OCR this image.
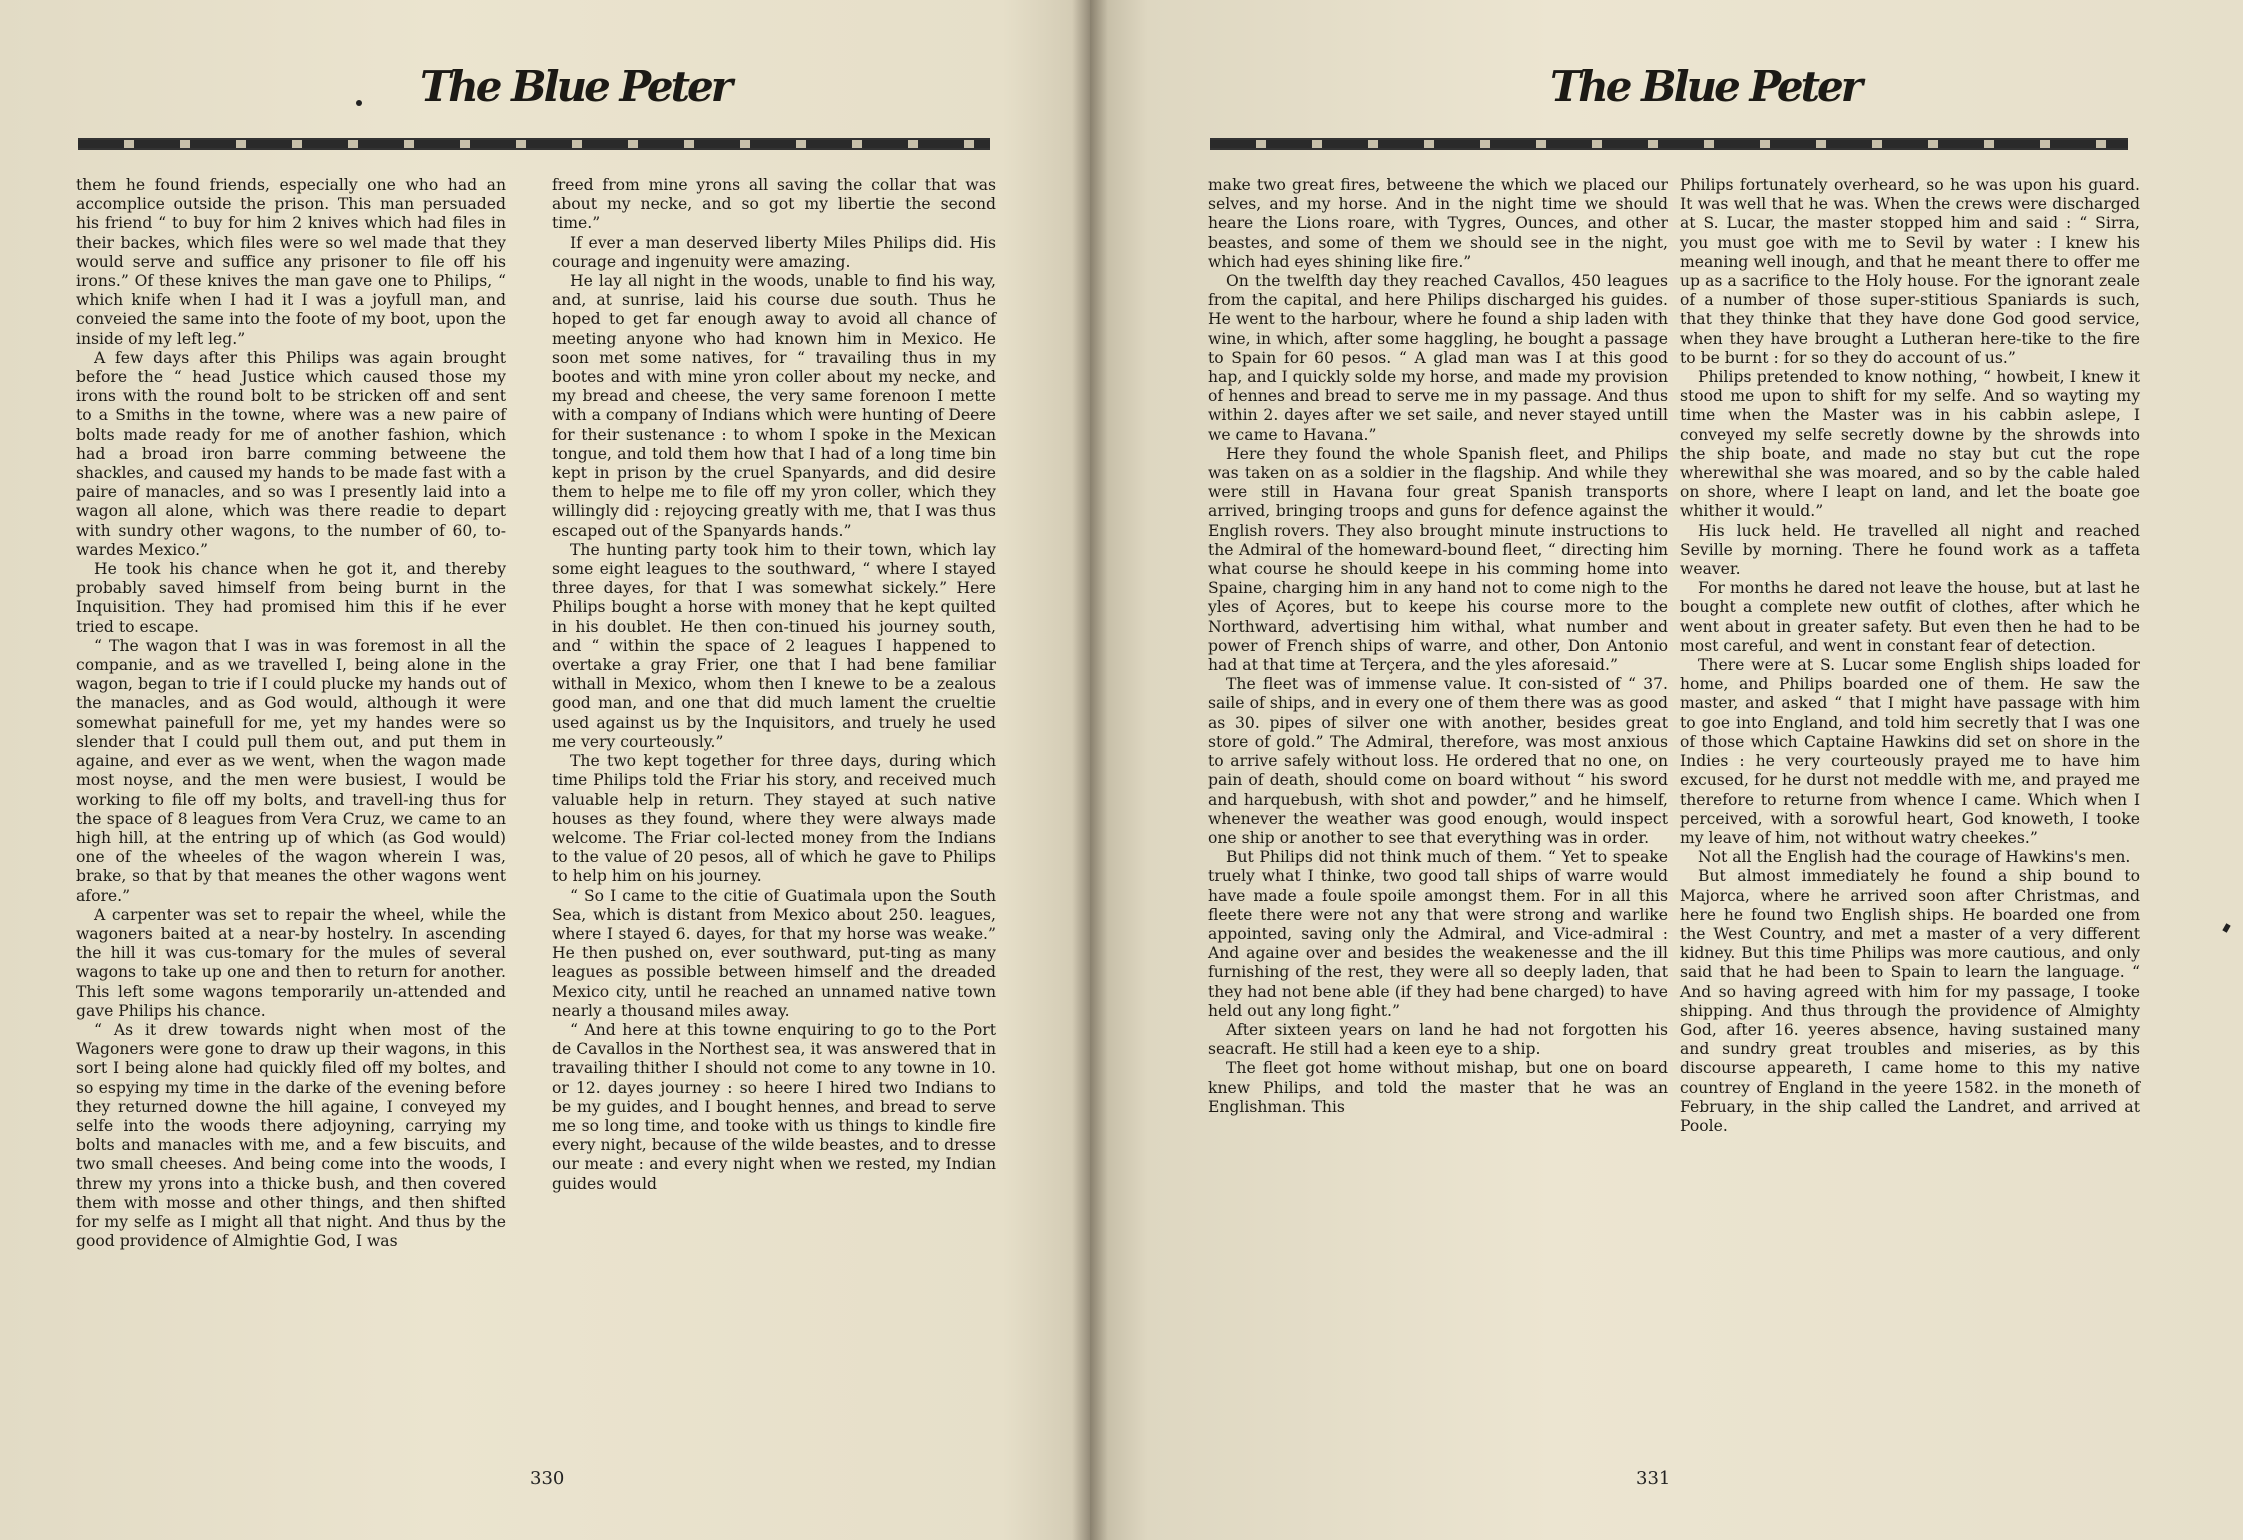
The Blue Peter

them he found friends, especially one who had an accomplice outside the prison. This man persuaded his friend “ to buy for him 2 knives which had files in their backes, which files were so wel made that they would serve and suffice any prisoner to file off his irons.” Of these knives the man gave one to Philips, “ which knife when I had it I was a joyfull man, and conveied the same into the foote of my boot, upon the inside of my left leg.”

A few days after this Philips was again brought before the “ head Justice which caused those my irons with the round bolt to be stricken off and sent to a Smiths in the towne, where was a new paire of bolts made ready for me of another fashion, which had a broad iron barre comming betweene the shackles, and caused my hands to be made fast with a paire of manacles, and so was I presently laid into a wagon all alone, which was there readie to depart with sundry other wagons, to the number of 60, to-wardes Mexico.”

He took his chance when he got it, and thereby probably saved himself from being burnt in the Inquisition. They had promised him this if he ever tried to escape.

“ The wagon that I was in was foremost in all the companie, and as we travelled I, being alone in the wagon, began to trie if I could plucke my hands out of the manacles, and as God would, although it were somewhat painefull for me, yet my handes were so slender that I could pull them out, and put them in againe, and ever as we went, when the wagon made most noyse, and the men were busiest, I would be working to file off my bolts, and travell-ing thus for the space of 8 leagues from Vera Cruz, we came to an high hill, at the entring up of which (as God would) one of the wheeles of the wagon wherein I was, brake, so that by that meanes the other wagons went afore.”

A carpenter was set to repair the wheel, while the wagoners baited at a near-by hostelry. In ascending the hill it was cus-tomary for the mules of several wagons to take up one and then to return for another. This left some wagons temporarily un-attended and gave Philips his chance.

“ As it drew towards night when most of the Wagoners were gone to draw up their wagons, in this sort I being alone had quickly filed off my boltes, and so espying my time in the darke of the evening before they returned downe the hill againe, I conveyed my selfe into the woods there adjoyning, carrying my bolts and manacles with me, and a few biscuits, and two small cheeses. And being come into the woods, I threw my yrons into a thicke bush, and then covered them with mosse and other things, and then shifted for my selfe as I might all that night. And thus by the good providence of Almightie God, I was

freed from mine yrons all saving the collar that was about my necke, and so got my libertie the second time.”

If ever a man deserved liberty Miles Philips did. His courage and ingenuity were amazing.

He lay all night in the woods, unable to find his way, and, at sunrise, laid his course due south. Thus he hoped to get far enough away to avoid all chance of meeting anyone who had known him in Mexico. He soon met some natives, for “ travailing thus in my bootes and with mine yron coller about my necke, and my bread and cheese, the very same forenoon I mette with a company of Indians which were hunting of Deere for their sustenance : to whom I spoke in the Mexican tongue, and told them how that I had of a long time bin kept in prison by the cruel Spanyards, and did desire them to helpe me to file off my yron coller, which they willingly did : rejoycing greatly with me, that I was thus escaped out of the Spanyards hands.”

The hunting party took him to their town, which lay some eight leagues to the southward, “ where I stayed three dayes, for that I was somewhat sickely.” Here Philips bought a horse with money that he kept quilted in his doublet. He then con-tinued his journey south, and “ within the space of 2 leagues I happened to overtake a gray Frier, one that I had bene familiar withall in Mexico, whom then I knewe to be a zealous good man, and one that did much lament the crueltie used against us by the Inquisitors, and truely he used me very courteously.”

The two kept together for three days, during which time Philips told the Friar his story, and received much valuable help in return. They stayed at such native houses as they found, where they were always made welcome. The Friar col-lected money from the Indians to the value of 20 pesos, all of which he gave to Philips to help him on his journey.

“ So I came to the citie of Guatimala upon the South Sea, which is distant from Mexico about 250. leagues, where I stayed 6. dayes, for that my horse was weake.” He then pushed on, ever southward, put-ting as many leagues as possible between himself and the dreaded Mexico city, until he reached an unnamed native town nearly a thousand miles away.

“ And here at this towne enquiring to go to the Port de Cavallos in the Northest sea, it was answered that in travailing thither I should not come to any towne in 10. or 12. dayes journey : so heere I hired two Indians to be my guides, and I bought hennes, and bread to serve me so long time, and tooke with us things to kindle fire every night, because of the wilde beastes, and to dresse our meate : and every night when we rested, my Indian guides would

330
The Blue Peter

make two great fires, betweene the which we placed our selves, and my horse. And in the night time we should heare the Lions roare, with Tygres, Ounces, and other beastes, and some of them we should see in the night, which had eyes shining like fire.”

On the twelfth day they reached Cavallos, 450 leagues from the capital, and here Philips discharged his guides. He went to the harbour, where he found a ship laden with wine, in which, after some haggling, he bought a passage to Spain for 60 pesos. “ A glad man was I at this good hap, and I quickly solde my horse, and made my provision of hennes and bread to serve me in my passage. And thus within 2. dayes after we set saile, and never stayed untill we came to Havana.”

Here they found the whole Spanish fleet, and Philips was taken on as a soldier in the flagship. And while they were still in Havana four great Spanish transports arrived, bringing troops and guns for defence against the English rovers. They also brought minute instructions to the Admiral of the homeward-bound fleet, “ directing him what course he should keepe in his comming home into Spaine, charging him in any hand not to come nigh to the yles of Açores, but to keepe his course more to the Northward, advertising him withal, what number and power of French ships of warre, and other, Don Antonio had at that time at Terçera, and the yles aforesaid.”

The fleet was of immense value. It con-sisted of “ 37. saile of ships, and in every one of them there was as good as 30. pipes of silver one with another, besides great store of gold.” The Admiral, therefore, was most anxious to arrive safely without loss. He ordered that no one, on pain of death, should come on board without “ his sword and harquebush, with shot and powder,” and he himself, whenever the weather was good enough, would inspect one ship or another to see that everything was in order.

But Philips did not think much of them. “ Yet to speake truely what I thinke, two good tall ships of warre would have made a foule spoile amongst them. For in all this fleete there were not any that were strong and warlike appointed, saving only the Admiral, and Vice-admiral : And againe over and besides the weakenesse and the ill furnishing of the rest, they were all so deeply laden, that they had not bene able (if they had bene charged) to have held out any long fight.”

After sixteen years on land he had not forgotten his seacraft. He still had a keen eye to a ship.

The fleet got home without mishap, but one on board knew Philips, and told the master that he was an Englishman. This

Philips fortunately overheard, so he was upon his guard. It was well that he was. When the crews were discharged at S. Lucar, the master stopped him and said : “ Sirra, you must goe with me to Sevil by water : I knew his meaning well inough, and that he meant there to offer me up as a sacrifice to the Holy house. For the ignorant zeale of a number of those super-stitious Spaniards is such, that they thinke that they have done God good service, when they have brought a Lutheran here-tike to the fire to be burnt : for so they do account of us.”

Philips pretended to know nothing, “ howbeit, I knew it stood me upon to shift for my selfe. And so wayting my time when the Master was in his cabbin aslepe, I conveyed my selfe secretly downe by the shrowds into the ship boate, and made no stay but cut the rope wherewithal she was moared, and so by the cable haled on shore, where I leapt on land, and let the boate goe whither it would.”

His luck held. He travelled all night and reached Seville by morning. There he found work as a taffeta weaver.

For months he dared not leave the house, but at last he bought a complete new outfit of clothes, after which he went about in greater safety. But even then he had to be most careful, and went in constant fear of detection.

There were at S. Lucar some English ships loaded for home, and Philips boarded one of them. He saw the master, and asked “ that I might have passage with him to goe into England, and told him secretly that I was one of those which Captaine Hawkins did set on shore in the Indies : he very courteously prayed me to have him excused, for he durst not meddle with me, and prayed me therefore to returne from whence I came. Which when I perceived, with a sorowful heart, God knoweth, I tooke my leave of him, not without watry cheekes.”

Not all the English had the courage of Hawkins's men.

But almost immediately he found a ship bound to Majorca, where he arrived soon after Christmas, and here he found two English ships. He boarded one from the West Country, and met a master of a very different kidney. But this time Philips was more cautious, and only said that he had been to Spain to learn the language. “ And so having agreed with him for my passage, I tooke shipping. And thus through the providence of Almighty God, after 16. yeeres absence, having sustained many and sundry great troubles and miseries, as by this discourse appeareth, I came home to this my native countrey of England in the yeere 1582. in the moneth of February, in the ship called the Landret, and arrived at Poole.

331
